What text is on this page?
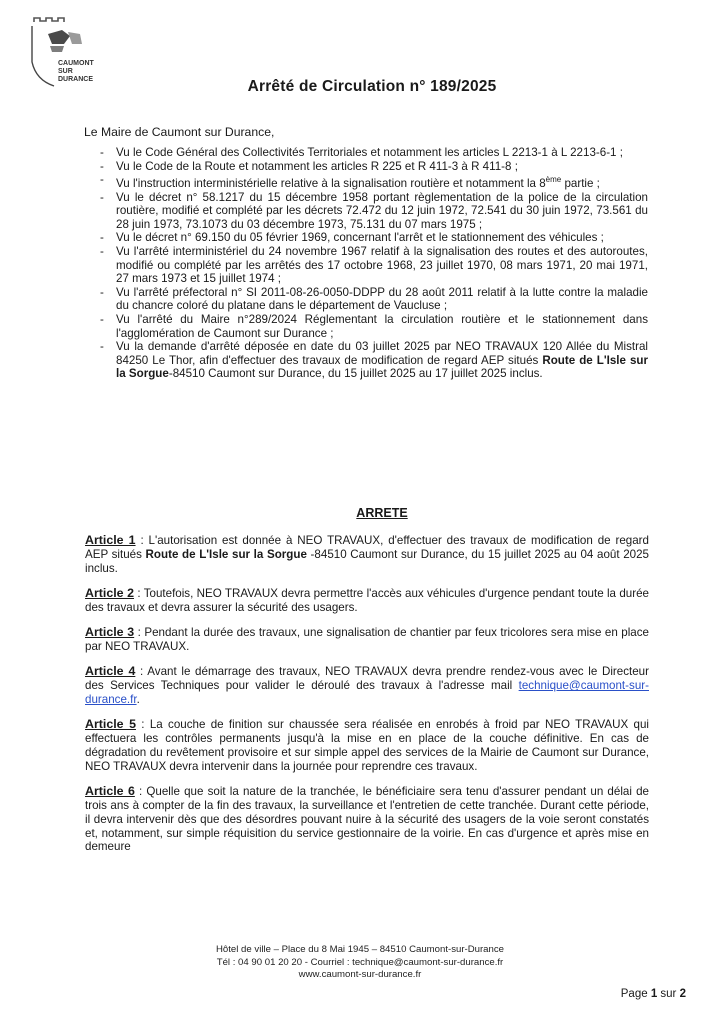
CAUMONT
SUR
DURANCE	Arrêté de Circulation n° 189/2025
Le Maire de Caumont sur Durance,
- Vu le Code Général des Collectivités Territoriales et notamment les articles L 2213-1 à L 2213-6-1 ;
- Vu le Code de la Route et notamment les articles R 225 et R 411-3 à R 411-8 ;
- Vu l'instruction interministérielle relative à la signalisation routière et notamment la 8ème partie ;
- Vu le décret n° 58.1217 du 15 décembre 1958 portant règlementation de la police de la circulation routière, modifié et complété par les décrets 72.472 du 12 juin 1972, 72.541 du 30 juin 1972, 73.561 du 28 juin 1973, 73.1073 du 03 décembre 1973, 75.131 du 07 mars 1975 ;
- Vu le décret n° 69.150 du 05 février 1969, concernant l'arrêt et le stationnement des véhicules ;
- Vu l'arrêté interministériel du 24 novembre 1967 relatif à la signalisation des routes et des autoroutes, modifié ou complété par les arrêtés des 17 octobre 1968, 23 juillet 1970, 08 mars 1971, 20 mai 1971, 27 mars 1973 et 15 juillet 1974 ;
- Vu l'arrêté préfectoral n° SI 2011-08-26-0050-DDPP du 28 août 2011 relatif à la lutte contre la maladie du chancre coloré du platane dans le département de Vaucluse ;
- Vu l'arrêté du Maire n°289/2024 Réglementant la circulation routière et le stationnement dans l'agglomération de Caumont sur Durance ;
- Vu la demande d'arrêté déposée en date du 03 juillet 2025 par NEO TRAVAUX 120 Allée du Mistral 84250 Le Thor, afin d'effectuer des travaux de modification de regard AEP situés Route de L'Isle sur la Sorgue-84510 Caumont sur Durance, du 15 juillet 2025 au 17 juillet 2025 inclus.
ARRETE

Article 1 : L'autorisation est donnée à NEO TRAVAUX, d'effectuer des travaux de modification de regard AEP situés Route de L'Isle sur la Sorgue -84510 Caumont sur Durance, du 15 juillet 2025 au 04 août 2025 inclus.

Article 2 : Toutefois, NEO TRAVAUX devra permettre l'accès aux véhicules d'urgence pendant toute la durée des travaux et devra assurer la sécurité des usagers.

Article 3 : Pendant la durée des travaux, une signalisation de chantier par feux tricolores sera mise en place par NEO TRAVAUX.

Article 4 : Avant le démarrage des travaux, NEO TRAVAUX devra prendre rendez-vous avec le Directeur des Services Techniques pour valider le déroulé des travaux à l'adresse mail technique@caumont-sur-durance.fr.

Article 5 : La couche de finition sur chaussée sera réalisée en enrobés à froid par NEO TRAVAUX qui effectuera les contrôles permanents jusqu'à la mise en en place de la couche définitive. En cas de dégradation du revêtement provisoire et sur simple appel des services de la Mairie de Caumont sur Durance, NEO TRAVAUX devra intervenir dans la journée pour reprendre ces travaux.

Article 6 : Quelle que soit la nature de la tranchée, le bénéficiaire sera tenu d'assurer pendant un délai de trois ans à compter de la fin des travaux, la surveillance et l'entretien de cette tranchée. Durant cette période, il devra intervenir dès que des désordres pouvant nuire à la sécurité des usagers de la voie seront constatés et, notamment, sur simple réquisition du service gestionnaire de la voirie. En cas d'urgence et après mise en demeure

Hôtel de ville – Place du 8 Mai 1945 – 84510 Caumont-sur-Durance
Tél : 04 90 01 20 20 - Courriel : technique@caumont-sur-durance.fr
www.caumont-sur-durance.fr
Page 1 sur 2
